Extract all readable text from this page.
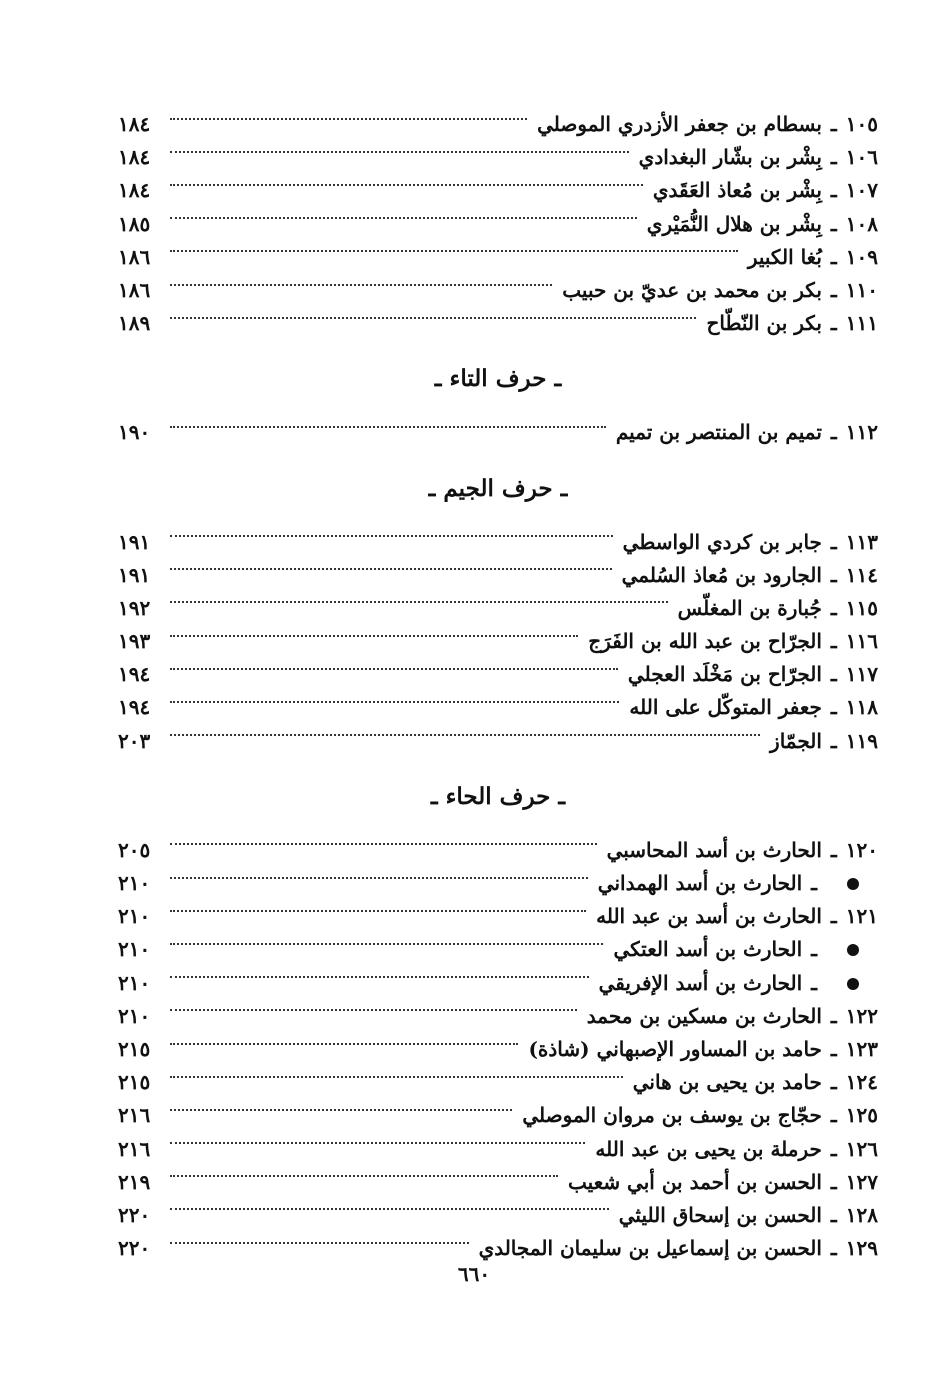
١٠٥
ـ
بسطام بن جعفر الأزدري الموصلي
١٨٤
١٠٦
ـ
بِشْر بن بشّار البغدادي
١٨٤
١٠٧
ـ
بِشْر بن مُعاذ العَقَدي
١٨٤
١٠٨
ـ
بِشْر بن هلال النُّمَيْري
١٨٥
١٠٩
ـ
بُغا الكبير
١٨٦
١١٠
ـ
بكر بن محمد بن عديّ بن حبيب
١٨٦
١١١
ـ
بكر بن النّطّاح
١٨٩
ـ حرف التاء ـ
١١٢
ـ
تميم بن المنتصر بن تميم
١٩٠
ـ حرف الجيم ـ
١١٣
ـ
جابر بن كردي الواسطي
١٩١
١١٤
ـ
الجارود بن مُعاذ السُلمي
١٩١
١١٥
ـ
جُبارة بن المغلّس
١٩٢
١١٦
ـ
الجرّاح بن عبد الله بن الفَرَج
١٩٣
١١٧
ـ
الجرّاح بن مَخْلَد العجلي
١٩٤
١١٨
ـ
جعفر المتوكّل على الله
١٩٤
١١٩
ـ
الجمّاز
٢٠٣
ـ حرف الحاء ـ
١٢٠
ـ
الحارث بن أسد المحاسبي
٢٠٥
ـ
الحارث بن أسد الهمداني
٢١٠
١٢١
ـ
الحارث بن أسد بن عبد الله
٢١٠
ـ
الحارث بن أسد العتكي
٢١٠
ـ
الحارث بن أسد الإفريقي
٢١٠
١٢٢
ـ
الحارث بن مسكين بن محمد
٢١٠
١٢٣
ـ
حامد بن المساور الإصبهاني (شاذة)
٢١٥
١٢٤
ـ
حامد بن يحيى بن هاني
٢١٥
١٢٥
ـ
حجّاج بن يوسف بن مروان الموصلي
٢١٦
١٢٦
ـ
حرملة بن يحيى بن عبد الله
٢١٦
١٢٧
ـ
الحسن بن أحمد بن أبي شعيب
٢١٩
١٢٨
ـ
الحسن بن إسحاق الليثي
٢٢٠
١٢٩
ـ
الحسن بن إسماعيل بن سليمان المجالدي
٢٢٠
٦٦٠
